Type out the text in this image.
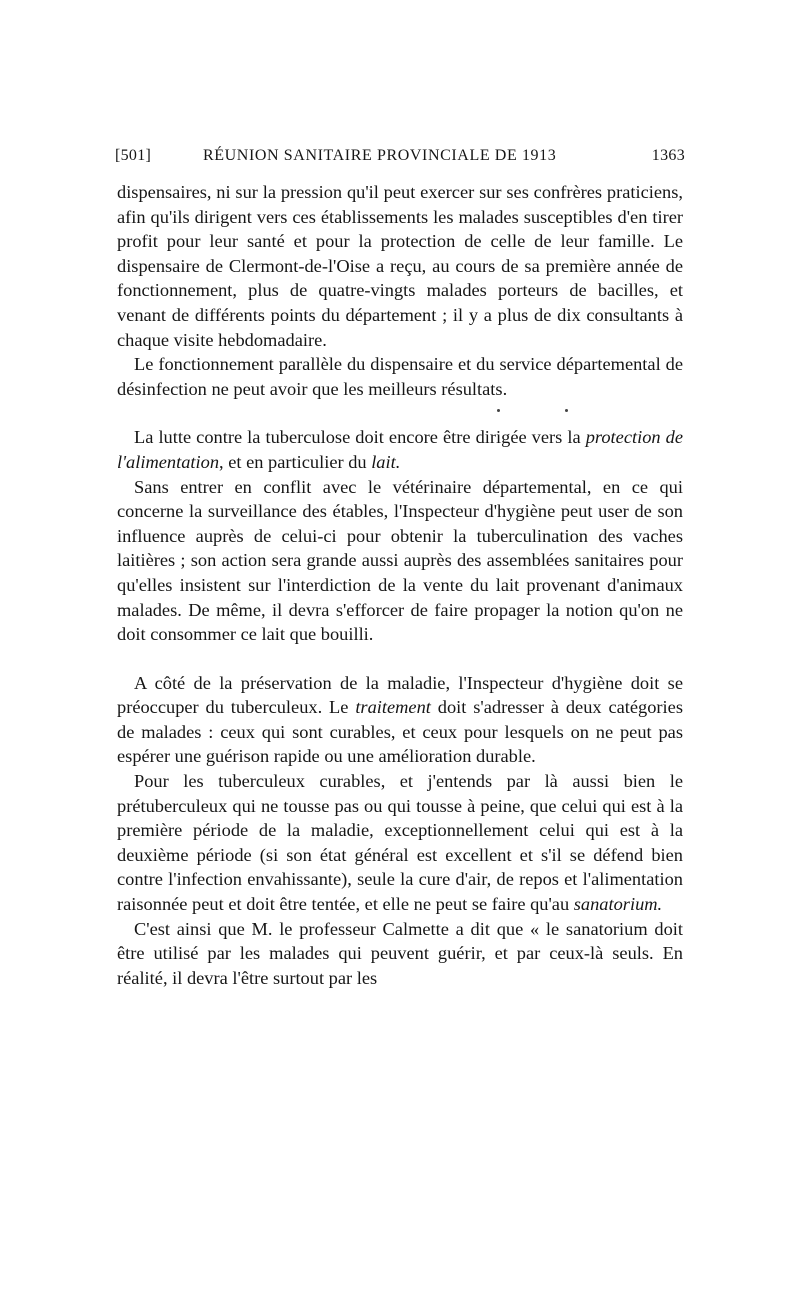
[501]	RÉUNION SANITAIRE PROVINCIALE DE 1913	1363

dispensaires, ni sur la pression qu'il peut exercer sur ses confrères praticiens, afin qu'ils dirigent vers ces établissements les malades susceptibles d'en tirer profit pour leur santé et pour la protection de celle de leur famille. Le dispensaire de Clermont-de-l'Oise a reçu, au cours de sa première année de fonctionnement, plus de quatre-vingts malades porteurs de bacilles, et venant de différents points du département ; il y a plus de dix consultants à chaque visite hebdomadaire.

Le fonctionnement parallèle du dispensaire et du service départemental de désinfection ne peut avoir que les meilleurs résultats.

La lutte contre la tuberculose doit encore être dirigée vers la protection de l'alimentation, et en particulier du lait.

Sans entrer en conflit avec le vétérinaire départemental, en ce qui concerne la surveillance des étables, l'Inspecteur d'hygiène peut user de son influence auprès de celui-ci pour obtenir la tuberculination des vaches laitières ; son action sera grande aussi auprès des assemblées sanitaires pour qu'elles insistent sur l'interdiction de la vente du lait provenant d'animaux malades. De même, il devra s'efforcer de faire propager la notion qu'on ne doit consommer ce lait que bouilli.

A côté de la préservation de la maladie, l'Inspecteur d'hygiène doit se préoccuper du tuberculeux. Le traitement doit s'adresser à deux catégories de malades : ceux qui sont curables, et ceux pour lesquels on ne peut pas espérer une guérison rapide ou une amélioration durable.

Pour les tuberculeux curables, et j'entends par là aussi bien le prétuberculeux qui ne tousse pas ou qui tousse à peine, que celui qui est à la première période de la maladie, exceptionnellement celui qui est à la deuxième période (si son état général est excellent et s'il se défend bien contre l'infection envahissante), seule la cure d'air, de repos et l'alimentation raisonnée peut et doit être tentée, et elle ne peut se faire qu'au sanatorium.

C'est ainsi que M. le professeur Calmette a dit que « le sanatorium doit être utilisé par les malades qui peuvent guérir, et par ceux-là seuls. En réalité, il devra l'être surtout par les
